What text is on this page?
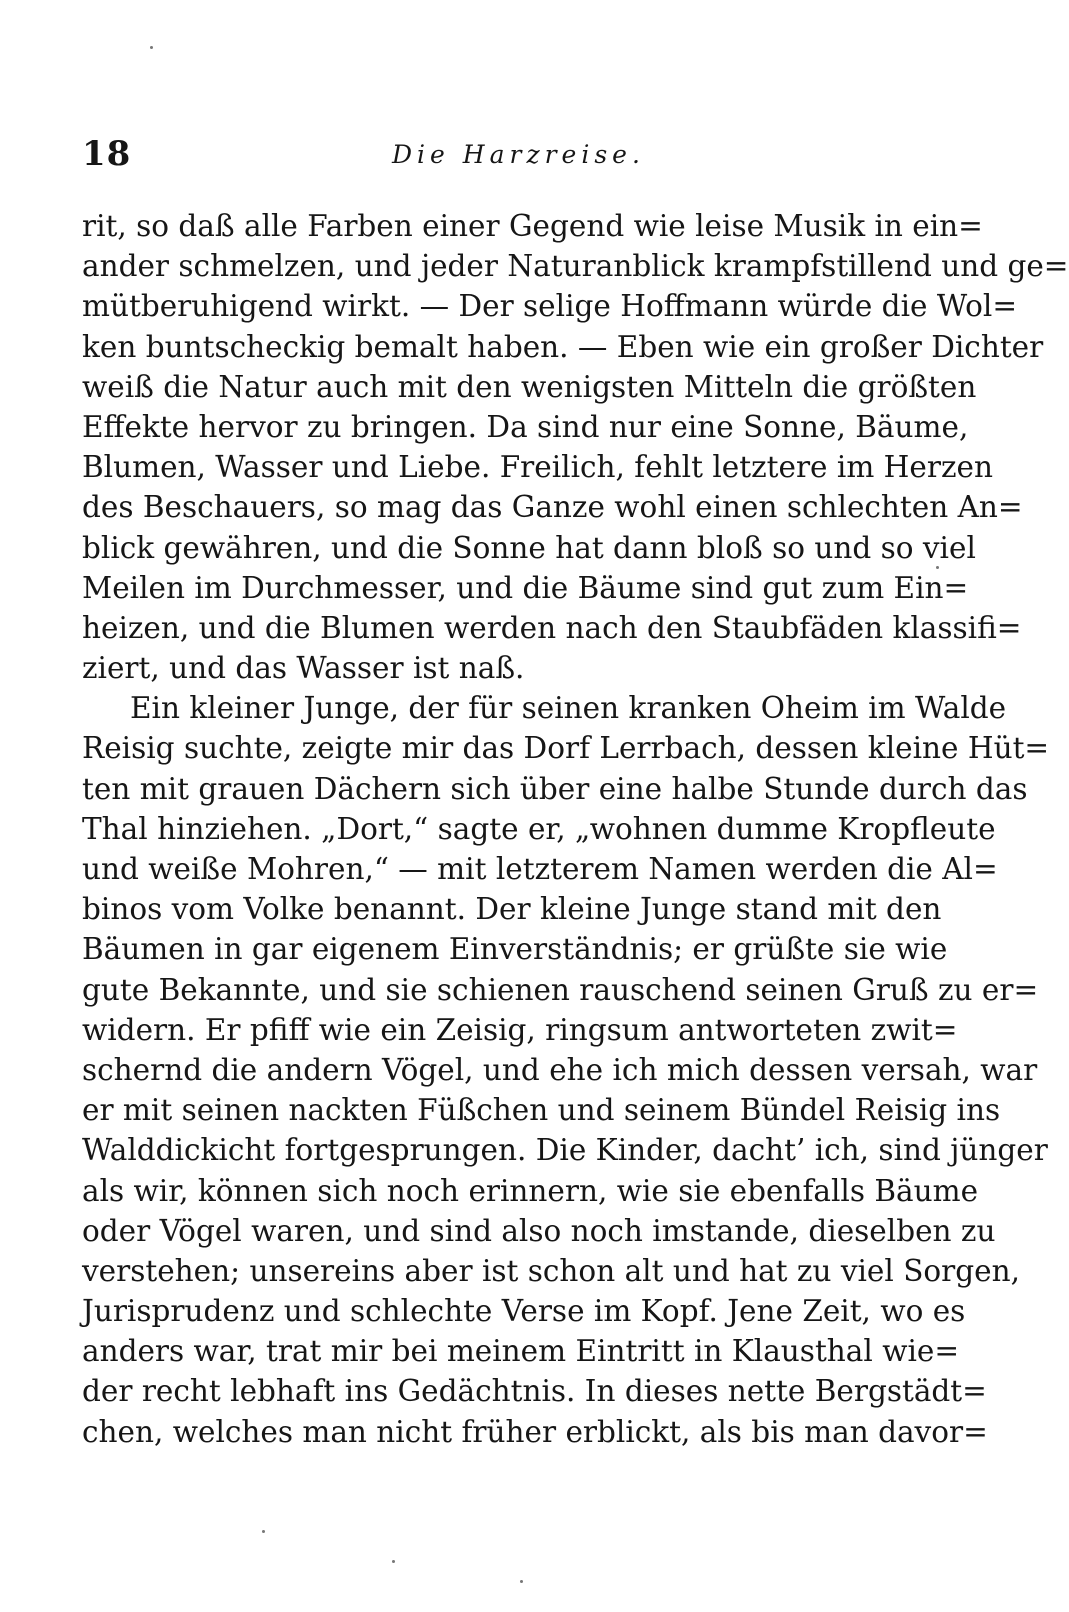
18	Die Harzreise.
rit, so daß alle Farben einer Gegend wie leise Musik in ein=
ander schmelzen, und jeder Naturanblick krampfstillend und ge=
mütberuhigend wirkt. — Der selige Hoffmann würde die Wol=
ken buntscheckig bemalt haben. — Eben wie ein großer Dichter
weiß die Natur auch mit den wenigsten Mitteln die größten
Effekte hervor zu bringen. Da sind nur eine Sonne, Bäume,
Blumen, Wasser und Liebe. Freilich, fehlt letztere im Herzen
des Beschauers, so mag das Ganze wohl einen schlechten An=
blick gewähren, und die Sonne hat dann bloß so und so viel
Meilen im Durchmesser, und die Bäume sind gut zum Ein=
heizen, und die Blumen werden nach den Staubfäden klassifi=
ziert, und das Wasser ist naß.
Ein kleiner Junge, der für seinen kranken Oheim im Walde
Reisig suchte, zeigte mir das Dorf Lerrbach, dessen kleine Hüt=
ten mit grauen Dächern sich über eine halbe Stunde durch das
Thal hinziehen. „Dort,“ sagte er, „wohnen dumme Kropfleute
und weiße Mohren,“ — mit letzterem Namen werden die Al=
binos vom Volke benannt. Der kleine Junge stand mit den
Bäumen in gar eigenem Einverständnis; er grüßte sie wie
gute Bekannte, und sie schienen rauschend seinen Gruß zu er=
widern. Er pfiff wie ein Zeisig, ringsum antworteten zwit=
schernd die andern Vögel, und ehe ich mich dessen versah, war
er mit seinen nackten Füßchen und seinem Bündel Reisig ins
Walddickicht fortgesprungen. Die Kinder, dacht’ ich, sind jünger
als wir, können sich noch erinnern, wie sie ebenfalls Bäume
oder Vögel waren, und sind also noch imstande, dieselben zu
verstehen; unsereins aber ist schon alt und hat zu viel Sorgen,
Jurisprudenz und schlechte Verse im Kopf. Jene Zeit, wo es
anders war, trat mir bei meinem Eintritt in Klausthal wie=
der recht lebhaft ins Gedächtnis. In dieses nette Bergstädt=
chen, welches man nicht früher erblickt, als bis man davor=
